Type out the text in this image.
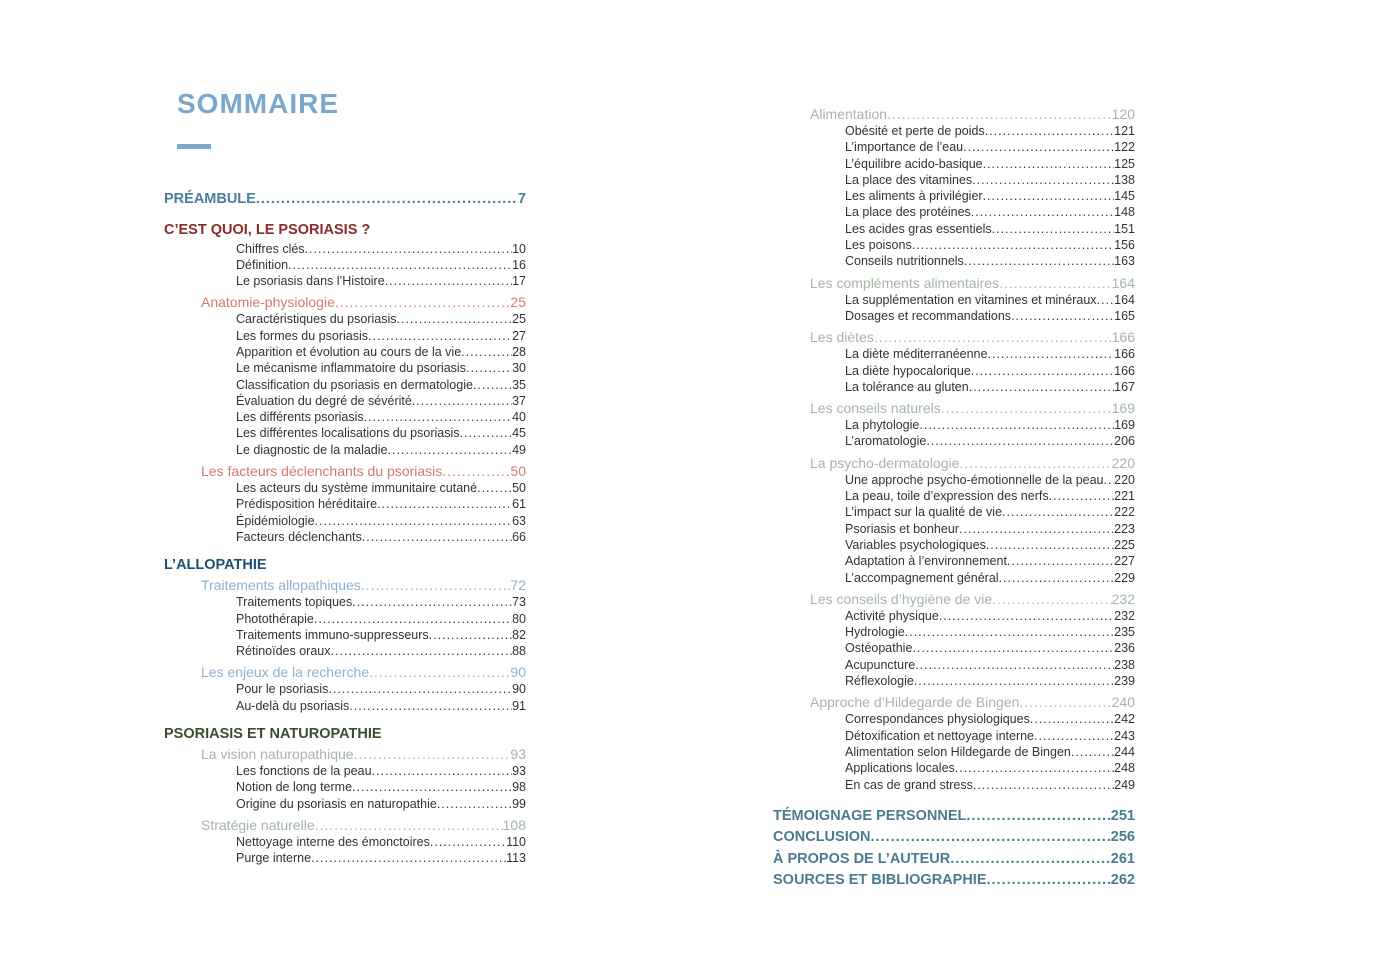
SOMMAIRE
PRÉAMBULE .....	7
C’EST QUOI, LE PSORIASIS ?
Chiffres clés .....	10
Définition .....	16
Le psoriasis dans l’Histoire .....	17
Anatomie-physiologie .....	25
Caractéristiques du psoriasis .....	25
Les formes du psoriasis .....	27
Apparition et évolution au cours de la vie .....	28
Le mécanisme inflammatoire du psoriasis .....	30
Classification du psoriasis en dermatologie .....	35
Évaluation du degré de sévérité .....	37
Les différents psoriasis .....	40
Les différentes localisations du psoriasis .....	45
Le diagnostic de la maladie .....	49
Les facteurs déclenchants du psoriasis .....	50
Les acteurs du système immunitaire cutané .....	50
Prédisposition héréditaire .....	61
Épidémiologie .....	63
Facteurs déclenchants .....	66
L’ALLOPATHIE
Traitements allopathiques .....	72
Traitements topiques .....	73
Photothérapie .....	80
Traitements immuno-suppresseurs .....	82
Rétinoïdes oraux .....	88
Les enjeux de la recherche .....	90
Pour le psoriasis .....	90
Au-delà du psoriasis .....	91
PSORIASIS ET NATUROPATHIE
La vision naturopathique .....	93
Les fonctions de la peau .....	93
Notion de long terme .....	98
Origine du psoriasis en naturopathie .....	99
Stratégie naturelle .....	108
Nettoyage interne des émonctoires .....	110
Purge interne .....	113
Alimentation .....	120
Obésité et perte de poids .....	121
L’importance de l’eau .....	122
L’équilibre acido-basique .....	125
La place des vitamines .....	138
Les aliments à privilégier .....	145
La place des protéines .....	148
Les acides gras essentiels .....	151
Les poisons .....	156
Conseils nutritionnels .....	163
Les compléments alimentaires .....	164
La supplémentation en vitamines et minéraux ..... 164
Dosages et recommandations .....	165
Les diètes .....	166
La diète méditerranéenne .....	166
La diète hypocalorique .....	166
La tolérance au gluten .....	167
Les conseils naturels .....	169
La phytologie .....	169
L’aromatologie .....	206
La psycho-dermatologie .....	220
Une approche psycho-émotionnelle de la peau ..... 220
La peau, toile d’expression des nerfs .....	221
L’impact sur la qualité de vie .....	222
Psoriasis et bonheur .....	223
Variables psychologiques .....	225
Adaptation à l’environnement .....	227
L’accompagnement général .....	229
Les conseils d’hygiène de vie .....	232
Activité physique .....	232
Hydrologie .....	235
Ostéopathie .....	236
Acupuncture .....	238
Réflexologie .....	239
Approche d’Hildegarde de Bingen .....	240
Correspondances physiologiques .....	242
Détoxification et nettoyage interne .....	243
Alimentation selon Hildegarde de Bingen .....	244
Applications locales .....	248
En cas de grand stress .....	249
TÉMOIGNAGE PERSONNEL .....	251
CONCLUSION .....	256
À PROPOS DE L’AUTEUR .....	261
SOURCES ET BIBLIOGRAPHIE .....	262
